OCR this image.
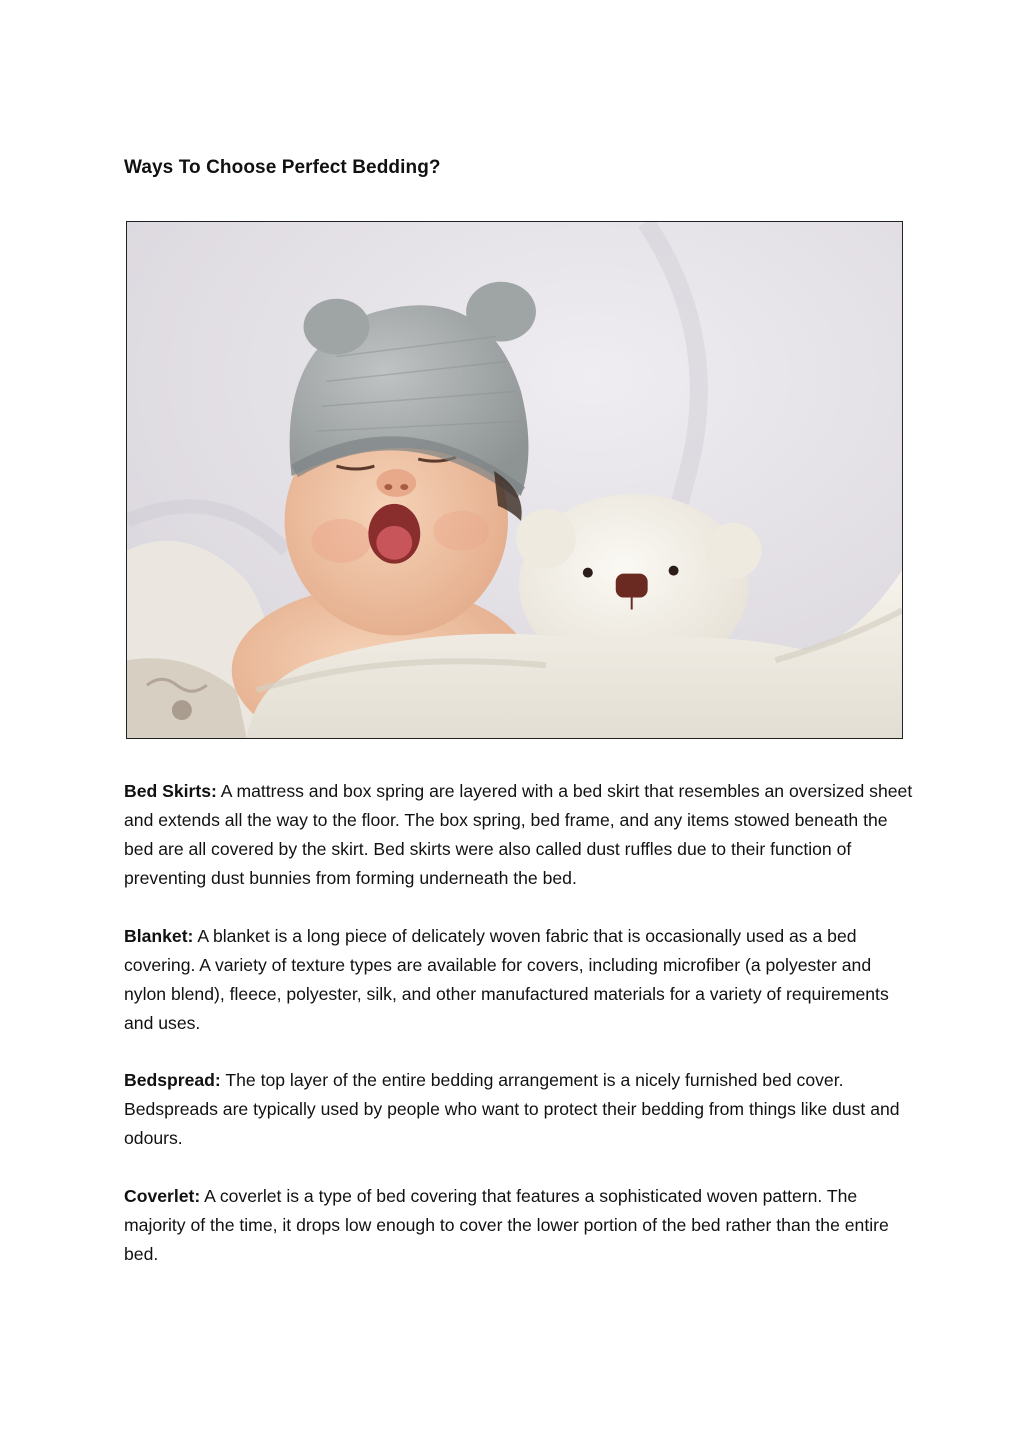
Ways To Choose Perfect Bedding?

Bed Skirts: A mattress and box spring are layered with a bed skirt that resembles an oversized sheet and extends all the way to the floor. The box spring, bed frame, and any items stowed beneath the bed are all covered by the skirt. Bed skirts were also called dust ruffles due to their function of preventing dust bunnies from forming underneath the bed.

Blanket: A blanket is a long piece of delicately woven fabric that is occasionally used as a bed covering. A variety of texture types are available for covers, including microfiber (a polyester and nylon blend), fleece, polyester, silk, and other manufactured materials for a variety of requirements and uses.

Bedspread: The top layer of the entire bedding arrangement is a nicely furnished bed cover. Bedspreads are typically used by people who want to protect their bedding from things like dust and odours.

Coverlet: A coverlet is a type of bed covering that features a sophisticated woven pattern. The majority of the time, it drops low enough to cover the lower portion of the bed rather than the entire bed.
